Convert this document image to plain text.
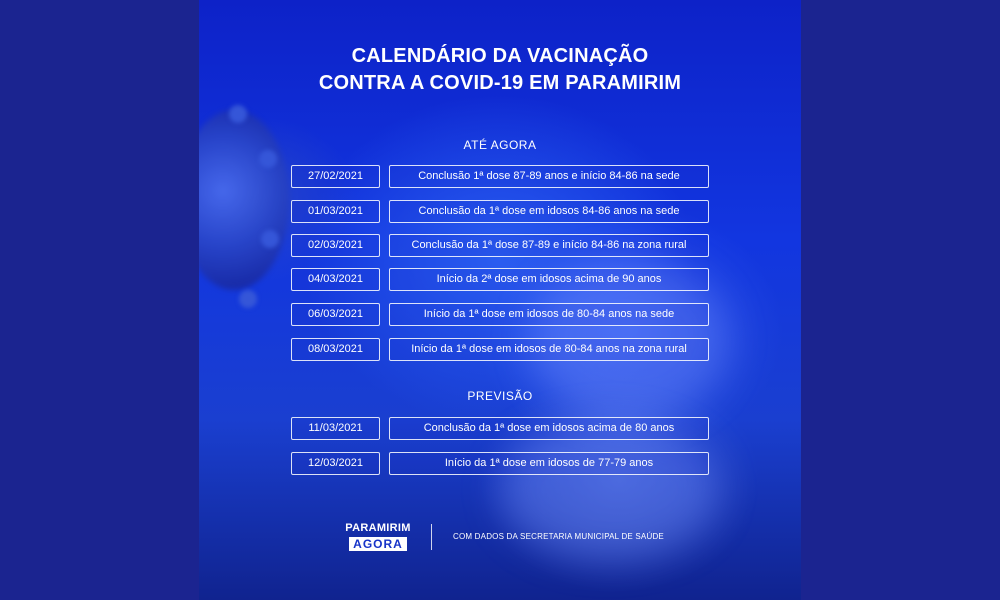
CALENDÁRIO DA VACINAÇÃO
CONTRA A COVID-19 EM PARAMIRIM
ATÉ AGORA
27/02/2021	Conclusão 1ª dose 87-89 anos e início 84-86 na sede
01/03/2021	Conclusão da 1ª dose em idosos 84-86 anos na sede
02/03/2021	Conclusão da 1ª dose 87-89 e início 84-86 na zona rural
04/03/2021	Início da 2ª dose em idosos acima de 90 anos
06/03/2021	Início da 1ª dose em idosos de 80-84 anos na sede
08/03/2021	Início da 1ª dose em idosos de 80-84 anos na zona rural
PREVISÃO
11/03/2021	Conclusão da 1ª dose em idosos acima de 80 anos
12/03/2021	Início da 1ª dose em idosos de 77-79 anos
PARAMIRIM
AGORA
COM DADOS DA SECRETARIA MUNICIPAL DE SAÚDE
